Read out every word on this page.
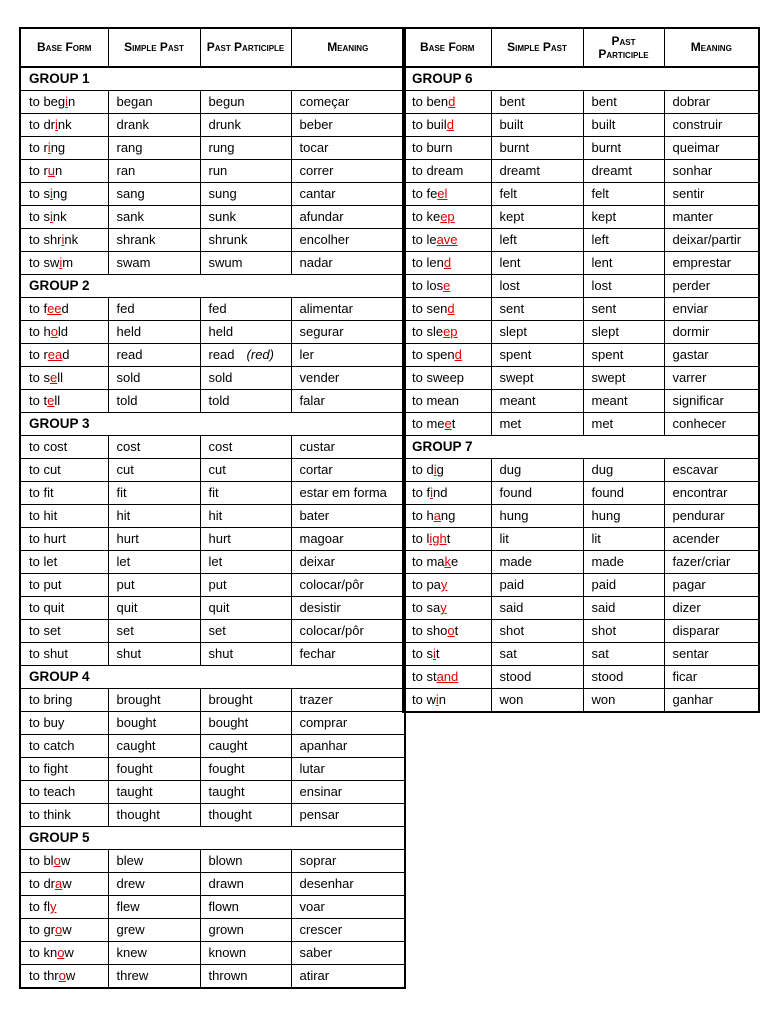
Base Form	Simple Past	Past Participle	Meaning
GROUP 1			
to begin	began	begun	começar
to drink	drank	drunk	beber
to ring	rang	rung	tocar
to run	ran	run	correr
to sing	sang	sung	cantar
to sink	sank	sunk	afundar
to shrink	shrank	shrunk	encolher
to swim	swam	swum	nadar
GROUP 2			
to feed	fed	fed	alimentar
to hold	held	held	segurar
to read	read	read (red)	ler
to sell	sold	sold	vender
to tell	told	told	falar
GROUP 3			
to cost	cost	cost	custar
to cut	cut	cut	cortar
to fit	fit	fit	estar em forma
to hit	hit	hit	bater
to hurt	hurt	hurt	magoar
to let	let	let	deixar
to put	put	put	colocar/pôr
to quit	quit	quit	desistir
to set	set	set	colocar/pôr
to shut	shut	shut	fechar
GROUP 4			
to bring	brought	brought	trazer
to buy	bought	bought	comprar
to catch	caught	caught	apanhar
to fight	fought	fought	lutar
to teach	taught	taught	ensinar
to think	thought	thought	pensar
GROUP 5			
to blow	blew	blown	soprar
to draw	drew	drawn	desenhar
to fly	flew	flown	voar
to grow	grew	grown	crescer
to know	knew	known	saber
to throw	threw	thrown	atirar
Base Form	Simple Past	Past Participle	Meaning
GROUP 6			
to bend	bent	bent	dobrar
to build	built	built	construir
to burn	burnt	burnt	queimar
to dream	dreamt	dreamt	sonhar
to feel	felt	felt	sentir
to keep	kept	kept	manter
to leave	left	left	deixar/partir
to lend	lent	lent	emprestar
to lose	lost	lost	perder
to send	sent	sent	enviar
to sleep	slept	slept	dormir
to spend	spent	spent	gastar
to sweep	swept	swept	varrer
to mean	meant	meant	significar
to meet	met	met	conhecer
GROUP 7			
to dig	dug	dug	escavar
to find	found	found	encontrar
to hang	hung	hung	pendurar
to light	lit	lit	acender
to make	made	made	fazer/criar
to pay	paid	paid	pagar
to say	said	said	dizer
to shoot	shot	shot	disparar
to sit	sat	sat	sentar
to stand	stood	stood	ficar
to win	won	won	ganhar
